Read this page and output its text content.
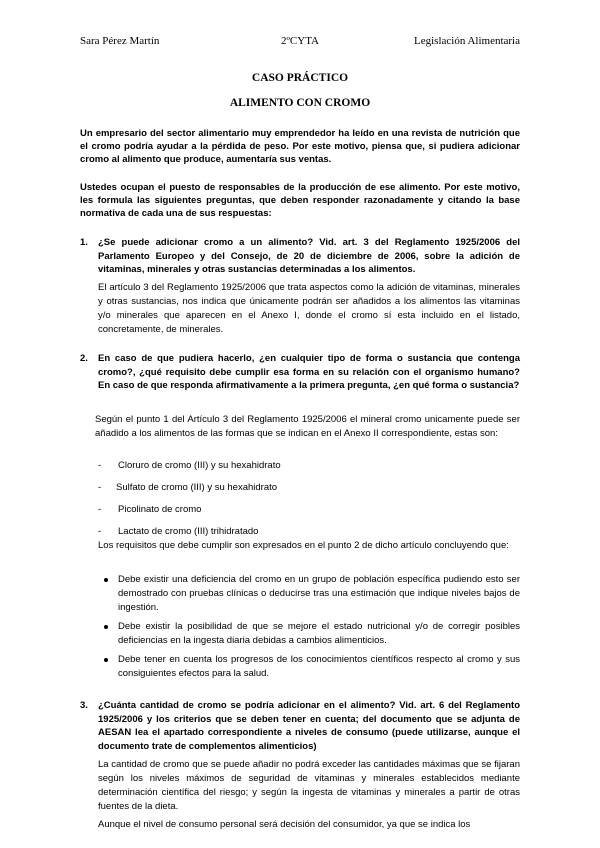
Sara Pérez Martín	2ºCYTA	Legislación Alimentaria
CASO PRÁCTICO
ALIMENTO CON CROMO
Un empresario del sector alimentario muy emprendedor ha leído en una revista de nutrición que el cromo podría ayudar a la pérdida de peso. Por este motivo, piensa que, si pudiera adicionar cromo al alimento que produce, aumentaría sus ventas.
Ustedes ocupan el puesto de responsables de la producción de ese alimento. Por este motivo, les formula las siguientes preguntas, que deben responder razonadamente y citando la base normativa de cada una de sus respuestas:
1. ¿Se puede adicionar cromo a un alimento? Vid. art. 3 del Reglamento 1925/2006 del Parlamento Europeo y del Consejo, de 20 de diciembre de 2006, sobre la adición de vitaminas, minerales y otras sustancias determinadas a los alimentos.
El artículo 3 del Reglamento 1925/2006 que trata aspectos como la adición de vitaminas, minerales y otras sustancias, nos indica que únicamente podrán ser añadidos a los alimentos las vitaminas y/o minerales que aparecen en el Anexo I, donde el cromo sí esta incluido en el listado, concretamente, de minerales.
2. En caso de que pudiera hacerlo, ¿en cualquier tipo de forma o sustancia que contenga cromo?, ¿qué requisito debe cumplir esa forma en su relación con el organismo humano? En caso de que responda afirmativamente a la primera pregunta, ¿en qué forma o sustancia?
Según el punto 1 del Artículo 3 del Reglamento 1925/2006 el mineral cromo unicamente puede ser añadido a los alimentos de las formas que se indican en el Anexo II correspondiente, estas son:
- Cloruro de cromo (III) y su hexahidrato
- Sulfato de cromo (III) y su hexahidrato
- Picolinato de cromo
- Lactato de cromo (III) trihidratado
Los requisitos que debe cumplir son expresados en el punto 2 de dicho artículo concluyendo que:
Debe existir una deficiencia del cromo en un grupo de población específica pudiendo esto ser demostrado con pruebas clínicas o deducirse tras una estimación que indique niveles bajos de ingestión.
Debe existir la posibilidad de que se mejore el estado nutricional y/o de corregir posibles deficiencias en la ingesta diaria debidas a cambios alimenticios.
Debe tener en cuenta los progresos de los conocimientos científicos respecto al cromo y sus consiguientes efectos para la salud.
3. ¿Cuánta cantidad de cromo se podría adicionar en el alimento? Vid. art. 6 del Reglamento 1925/2006 y los criterios que se deben tener en cuenta; del documento que se adjunta de AESAN lea el apartado correspondiente a niveles de consumo (puede utilizarse, aunque el documento trate de complementos alimenticios)
La cantidad de cromo que se puede añadir no podrá exceder las cantidades máximas que se fijaran según los niveles máximos de seguridad de vitaminas y minerales establecidos mediante determinación científica del riesgo; y según la ingesta de vitaminas y minerales a partir de otras fuentes de la dieta.
Aunque el nivel de consumo personal será decisión del consumidor, ya que se indica los
